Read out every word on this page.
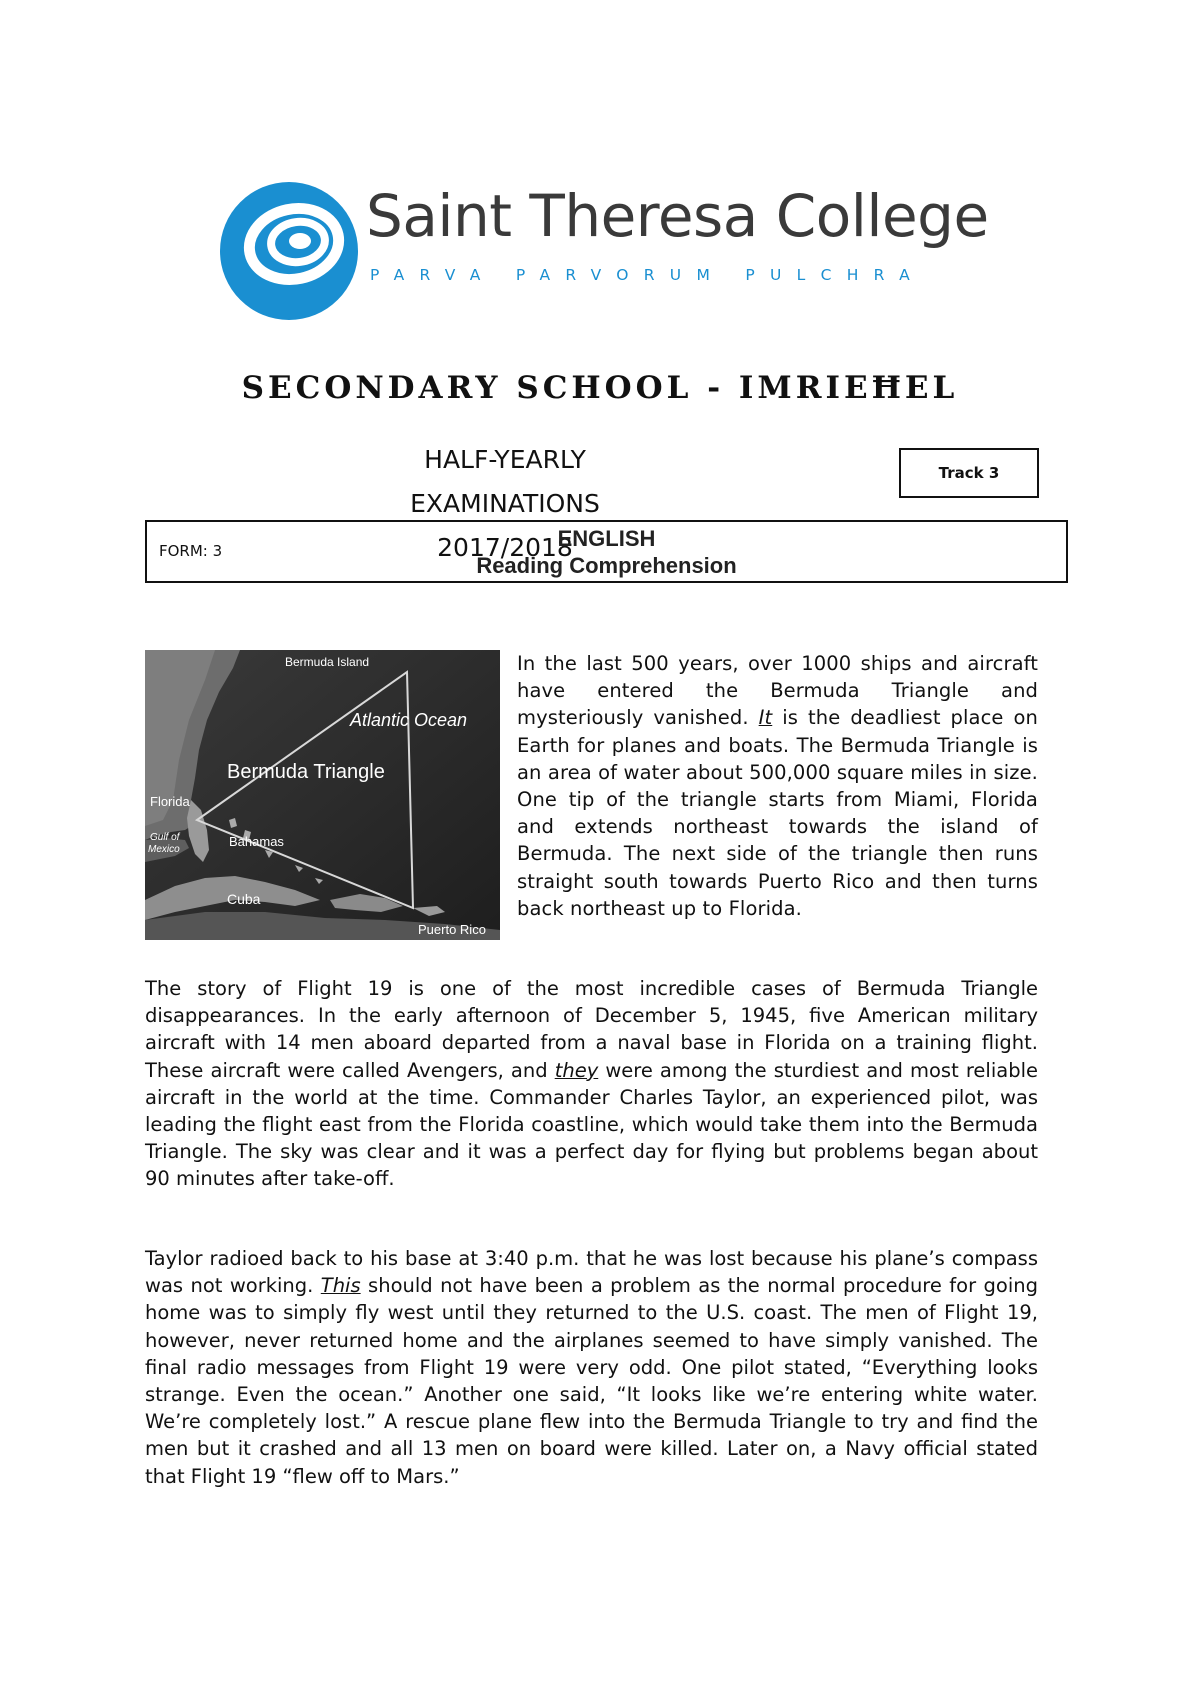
Saint Theresa College
PARVA PARVORUM PULCHRA
SECONDARY SCHOOL - IMRIEĦEL
HALF-YEARLY EXAMINATIONS
2017/2018
Track 3
FORM: 3	ENGLISH
Reading Comprehension
Bermuda Island
Atlantic Ocean
Bermuda Triangle
Florida
Gulf of
Mexico
Bahamas
Cuba
Puerto Rico

In the last 500 years, over 1000 ships and aircraft have entered the Bermuda Triangle and mysteriously vanished. It is the deadliest place on Earth for planes and boats. The Bermuda Triangle is an area of water about 500,000 square miles in size. One tip of the triangle starts from Miami, Florida and extends northeast towards the island of Bermuda. The next side of the triangle then runs straight south towards Puerto Rico and then turns back northeast up to Florida.

The story of Flight 19 is one of the most incredible cases of Bermuda Triangle disappearances. In the early afternoon of December 5, 1945, five American military aircraft with 14 men aboard departed from a naval base in Florida on a training flight. These aircraft were called Avengers, and they were among the sturdiest and most reliable aircraft in the world at the time. Commander Charles Taylor, an experienced pilot, was leading the flight east from the Florida coastline, which would take them into the Bermuda Triangle. The sky was clear and it was a perfect day for flying but problems began about 90 minutes after take-off.

Taylor radioed back to his base at 3:40 p.m. that he was lost because his plane’s compass was not working. This should not have been a problem as the normal procedure for going home was to simply fly west until they returned to the U.S. coast. The men of Flight 19, however, never returned home and the airplanes seemed to have simply vanished. The final radio messages from Flight 19 were very odd. One pilot stated, “Everything looks strange. Even the ocean.” Another one said, “It looks like we’re entering white water. We’re completely lost.” A rescue plane flew into the Bermuda Triangle to try and find the men but it crashed and all 13 men on board were killed. Later on, a Navy official stated that Flight 19 “flew off to Mars.”
